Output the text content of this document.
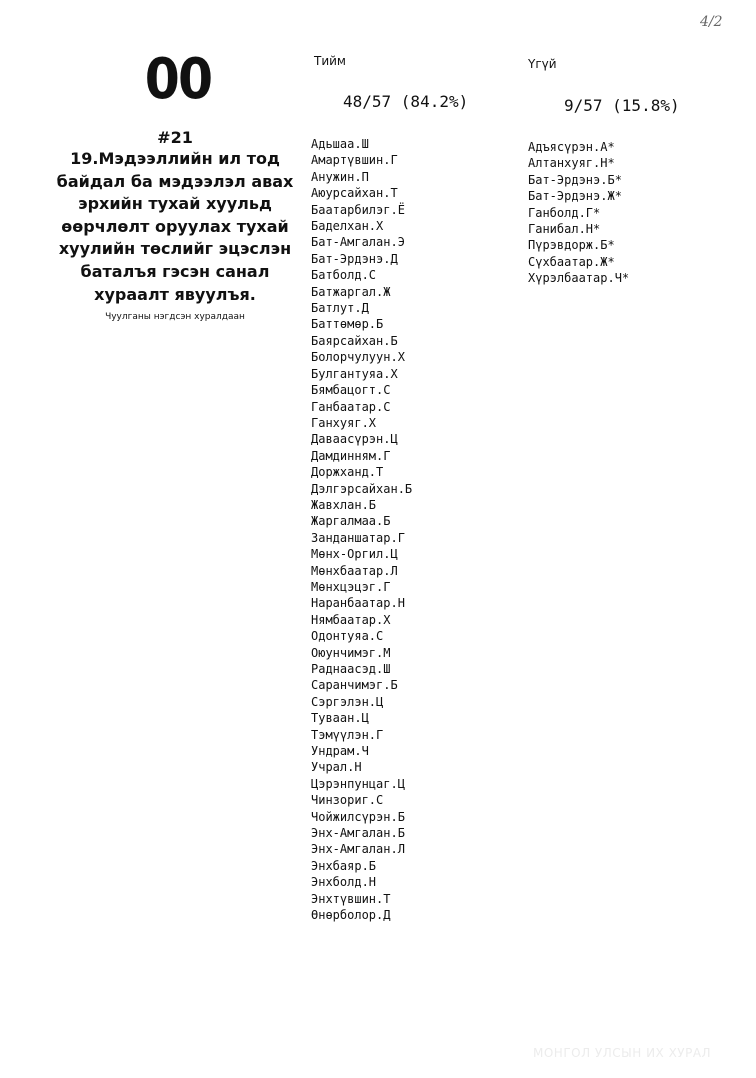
00
4/2
#21

19.Мэдээллийн ил тод
байдал ба мэдээлэл авах
эрхийн тухай хуульд
өөрчлөлт оруулах тухай
хуулийн төслийг эцэслэн
баталъя гэсэн санал
хураалт явуулъя.

Чуулганы нэгдсэн хуралдаан
Тийм
48/57 (84.2%)
Адьшаа.Ш
Амартүвшин.Г
Анужин.П
Аюурсайхан.Т
Баатарбилэг.Ё
Баделхан.Х
Бат-Амгалан.Э
Бат-Эрдэнэ.Д
Батболд.С
Батжаргал.Ж
Батлут.Д
Баттөмөр.Б
Баярсайхан.Б
Болорчулуун.Х
Булгантуяа.Х
Бямбацогт.С
Ганбаатар.С
Ганхуяг.Х
Даваасүрэн.Ц
Дамдинням.Г
Доржханд.Т
Дэлгэрсайхан.Б
Жавхлан.Б
Жаргалмаа.Б
Занданшатар.Г
Мөнх-Оргил.Ц
Мөнхбаатар.Л
Мөнхцэцэг.Г
Наранбаатар.Н
Нямбаатар.Х
Одонтуяа.С
Оюунчимэг.М
Раднаасэд.Ш
Саранчимэг.Б
Сэргэлэн.Ц
Туваан.Ц
Тэмүүлэн.Г
Ундрам.Ч
Учрал.Н
Цэрэнпунцаг.Ц
Чинзориг.С
Чойжилсүрэн.Б
Энх-Амгалан.Б
Энх-Амгалан.Л
Энхбаяр.Б
Энхболд.Н
Энхтүвшин.Т
Өнөрболор.Д
Үгүй
9/57 (15.8%)
Адъясүрэн.А*
Алтанхуяг.Н*
Бат-Эрдэнэ.Б*
Бат-Эрдэнэ.Ж*
Ганболд.Г*
Ганибал.Н*
Пүрэвдорж.Б*
Сүхбаатар.Ж*
Хүрэлбаатар.Ч*
МОНГОЛ УЛСЫН ИХ ХУРАЛ
